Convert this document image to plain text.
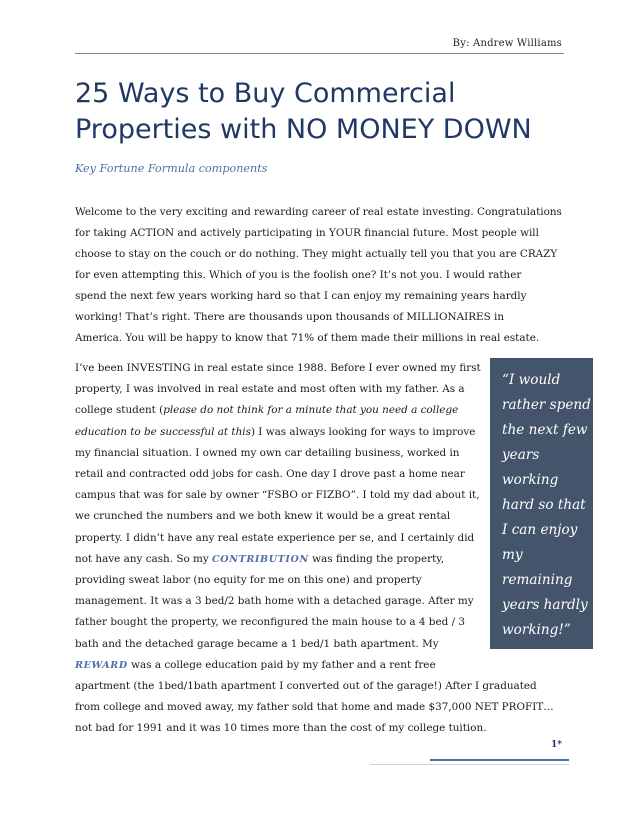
By: Andrew Williams
25 Ways to Buy Commercial
Properties with NO MONEY DOWN
Key Fortune Formula components
Welcome to the very exciting and rewarding career of real estate investing. Congratulations
for taking ACTION and actively participating in YOUR financial future. Most people will
choose to stay on the couch or do nothing. They might actually tell you that you are CRAZY
for even attempting this. Which of you is the foolish one? It’s not you. I would rather
spend the next few years working hard so that I can enjoy my remaining years hardly
working! That’s right. There are thousands upon thousands of MILLIONAIRES in
America. You will be happy to know that 71% of them made their millions in real estate.
I’ve been INVESTING in real estate since 1988. Before I ever owned my first
property, I was involved in real estate and most often with my father. As a
college student (please do not think for a minute that you need a college
education to be successful at this) I was always looking for ways to improve
my financial situation. I owned my own car detailing business, worked in
retail and contracted odd jobs for cash. One day I drove past a home near
campus that was for sale by owner “FSBO or FIZBO”. I told my dad about it,
we crunched the numbers and we both knew it would be a great rental
property. I didn’t have any real estate experience per se, and I certainly did
not have any cash. So my CONTRIBUTION was finding the property,
providing sweat labor (no equity for me on this one) and property
management. It was a 3 bed/2 bath home with a detached garage. After my
father bought the property, we reconfigured the main house to a 4 bed / 3
bath and the detached garage became a 1 bed/1 bath apartment. My
REWARD was a college education paid by my father and a rent free
apartment (the 1bed/1bath apartment I converted out of the garage!) After I graduated
from college and moved away, my father sold that home and made $37,000 NET PROFIT…
not bad for 1991 and it was 10 times more than the cost of my college tuition.
“I would
rather spend
the next few
years
working
hard so that
I can enjoy
my
remaining
years hardly
working!”
1*
